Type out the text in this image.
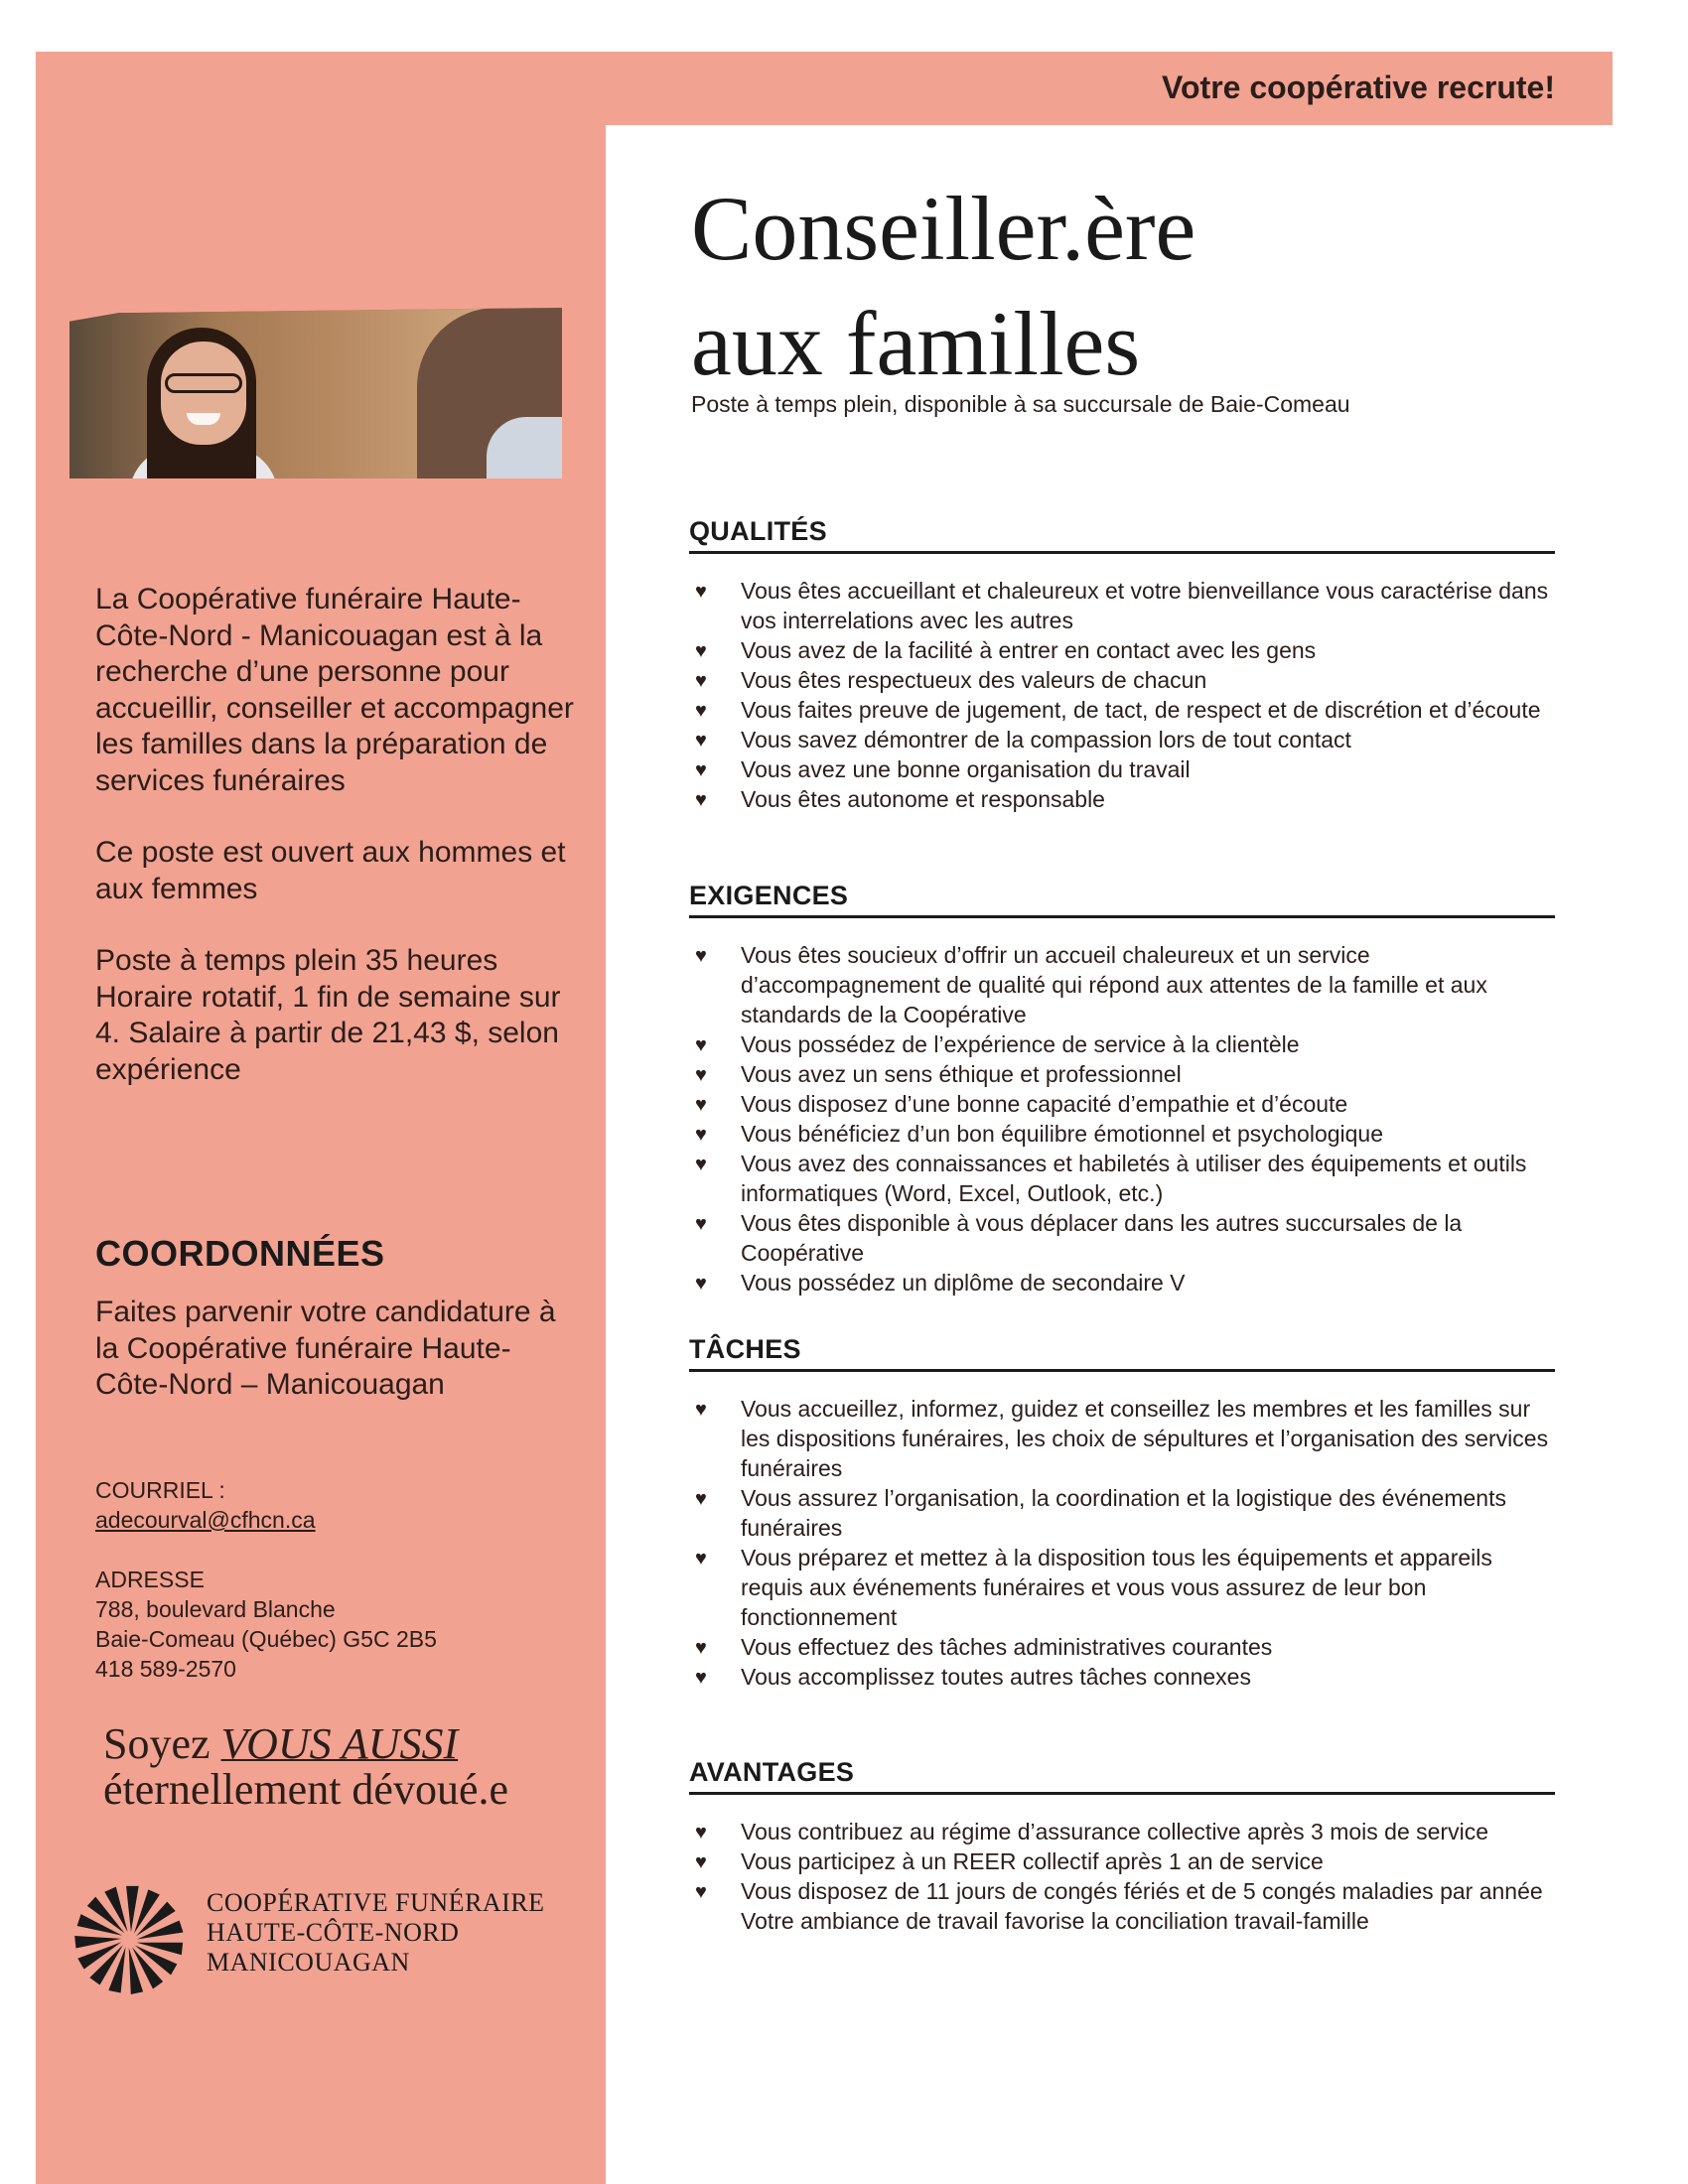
Votre coopérative recrute!

La Coopérative funéraire Haute-Côte-Nord - Manicouagan est à la recherche d’une personne pour accueillir, conseiller et accompagner les familles dans la préparation de services funéraires

Ce poste est ouvert aux hommes et aux femmes

Poste à temps plein 35 heures Horaire rotatif, 1 fin de semaine sur 4. Salaire à partir de 21,43 $, selon expérience

COORDONNÉES
Faites parvenir votre candidature à la Coopérative funéraire Haute-Côte-Nord – Manicouagan
COURRIEL :
adecourval@cfhcn.ca
ADRESSE
788, boulevard Blanche
Baie-Comeau (Québec) G5C 2B5
418 589-2570
Soyez VOUS AUSSI
éternellement dévoué.e
COOPÉRATIVE FUNÉRAIRE
HAUTE-CÔTE-NORD
MANICOUAGAN
Conseiller.ère
aux familles
Poste à temps plein, disponible à sa succursale de Baie-Comeau
QUALITÉS
♥ Vous êtes accueillant et chaleureux et votre bienveillance vous caractérise dans vos interrelations avec les autres
♥ Vous avez de la facilité à entrer en contact avec les gens
♥ Vous êtes respectueux des valeurs de chacun
♥ Vous faites preuve de jugement, de tact, de respect et de discrétion et d’écoute
♥ Vous savez démontrer de la compassion lors de tout contact
♥ Vous avez une bonne organisation du travail
♥ Vous êtes autonome et responsable
EXIGENCES
♥ Vous êtes soucieux d’offrir un accueil chaleureux et un service d’accompagnement de qualité qui répond aux attentes de la famille et aux standards de la Coopérative
♥ Vous possédez de l’expérience de service à la clientèle
♥ Vous avez un sens éthique et professionnel
♥ Vous disposez d’une bonne capacité d’empathie et d’écoute
♥ Vous bénéficiez d’un bon équilibre émotionnel et psychologique
♥ Vous avez des connaissances et habiletés à utiliser des équipements et outils informatiques (Word, Excel, Outlook, etc.)
♥ Vous êtes disponible à vous déplacer dans les autres succursales de la Coopérative
♥ Vous possédez un diplôme de secondaire V
TÂCHES
♥ Vous accueillez, informez, guidez et conseillez les membres et les familles sur les dispositions funéraires, les choix de sépultures et l’organisation des services funéraires
♥ Vous assurez l’organisation, la coordination et la logistique des événements funéraires
♥ Vous préparez et mettez à la disposition tous les équipements et appareils requis aux événements funéraires et vous vous assurez de leur bon fonctionnement
♥ Vous effectuez des tâches administratives courantes
♥ Vous accomplissez toutes autres tâches connexes
AVANTAGES
♥ Vous contribuez au régime d’assurance collective après 3 mois de service
♥ Vous participez à un REER collectif après 1 an de service
♥ Vous disposez de 11 jours de congés fériés et de 5 congés maladies par année
Votre ambiance de travail favorise la conciliation travail-famille
